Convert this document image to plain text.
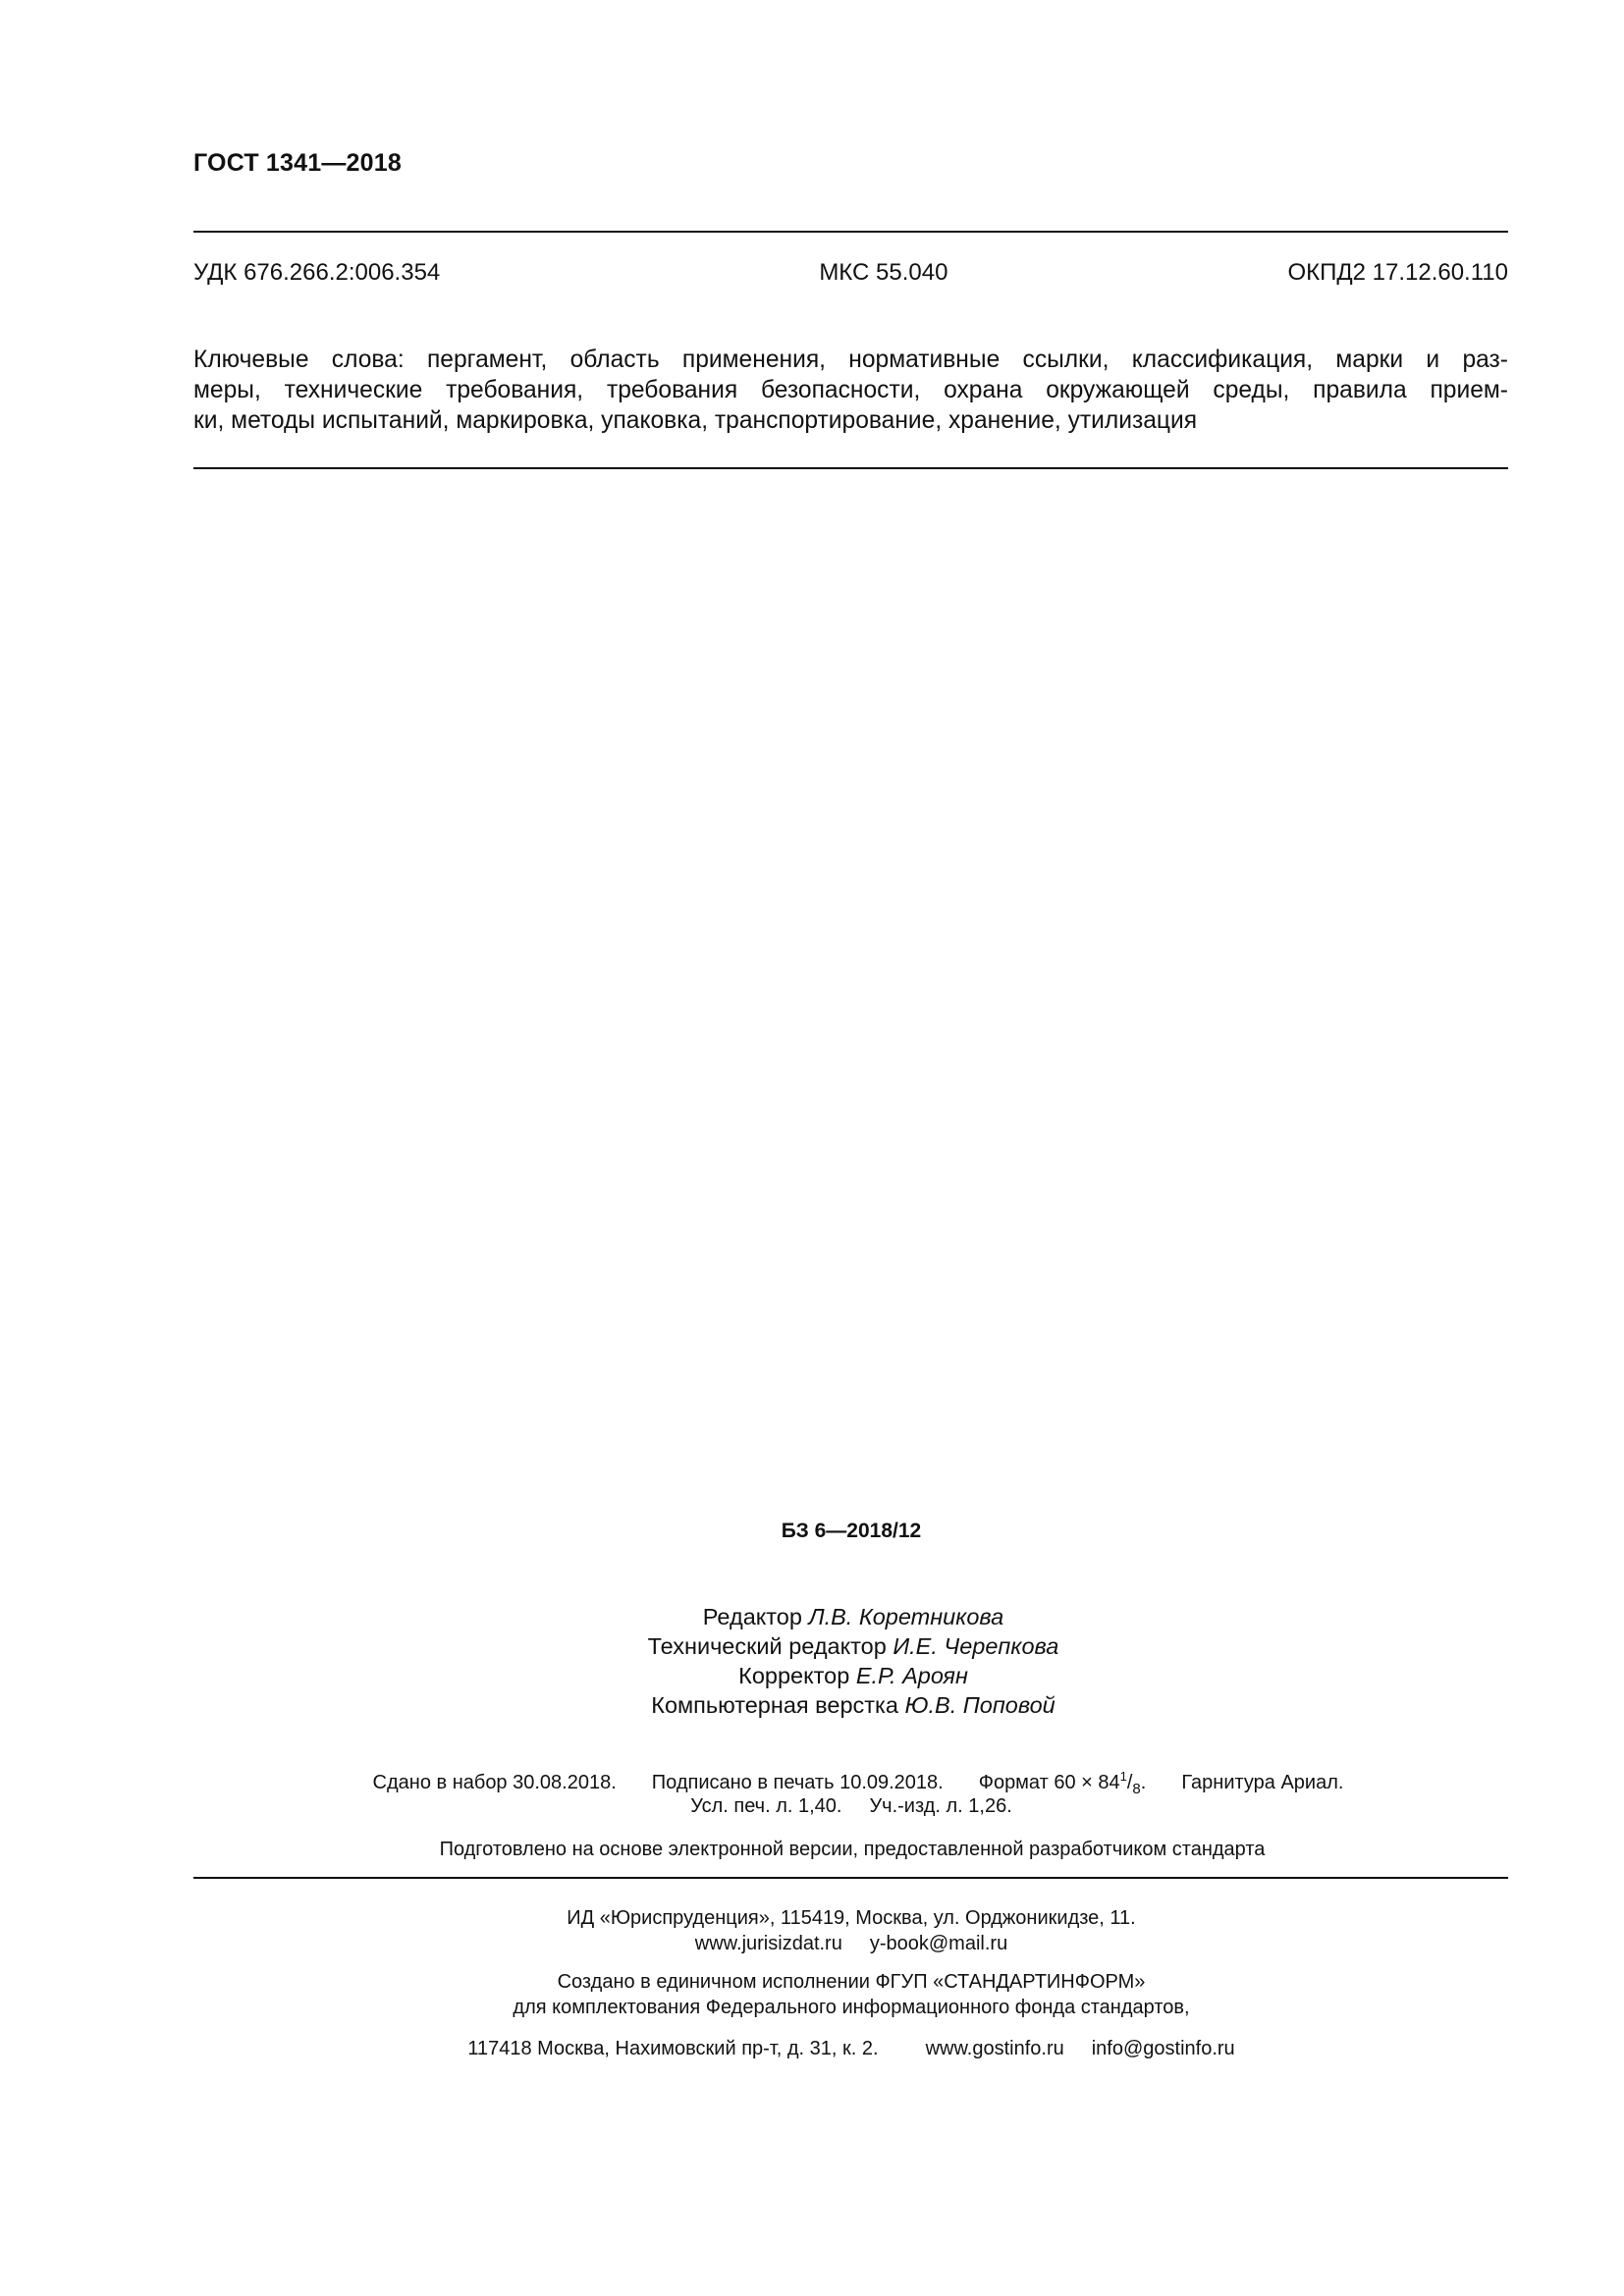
ГОСТ 1341—2018
УДК 676.266.2:006.354	МКС 55.040	ОКПД2 17.12.60.110
Ключевые слова: пергамент, область применения, нормативные ссылки, классификация, марки и раз-
меры, технические требования, требования безопасности, охрана окружающей среды, правила прием-
ки, методы испытаний, маркировка, упаковка, транспортирование, хранение, утилизация
БЗ 6—2018/12
Редактор Л.В. Коретникова
Технический редактор И.Е. Черепкова
Корректор Е.Р. Ароян
Компьютерная верстка Ю.В. Поповой
Сдано в набор 30.08.2018. Подписано в печать 10.09.2018. Формат $60 \times 84^1/_8$. Гарнитура Ариал.
Усл. печ. л. 1,40. Уч.-изд. л. 1,26.
Подготовлено на основе электронной версии, предоставленной разработчиком стандарта
ИД «Юриспруденция», 115419, Москва, ул. Орджоникидзе, 11.
www.jurisizdat.ru y-book@mail.ru
Создано в единичном исполнении ФГУП «СТАНДАРТИНФОРМ»
для комплектования Федерального информационного фонда стандартов,
117418 Москва, Нахимовский пр-т, д. 31, к. 2. www.gostinfo.ru info@gostinfo.ru
